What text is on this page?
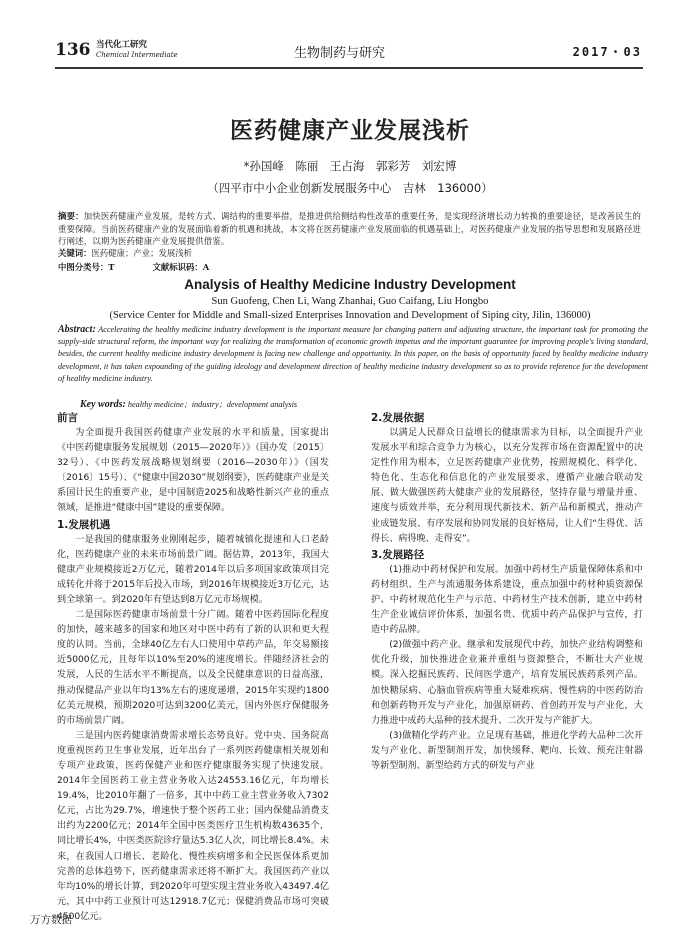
136 当代化工研究
Chemical Intermediate	生物制药与研究	2017・03
医药健康产业发展浅析
*孙国峰　陈丽　王占海　郭彩芳　刘宏博
（四平市中小企业创新发展服务中心　吉林　136000）
摘要：加快医药健康产业发展，是转方式、调结构的重要举措，是推进供给侧结构性改革的重要任务，是实现经济增长动力转换的重要途径，是改善民生的重要保障。当前医药健康产业的发展面临着新的机遇和挑战，本文将在医药健康产业发展面临的机遇基础上，对医药健康产业发展的指导思想和发展路径进行阐述，以期为医药健康产业发展提供借鉴。
关键词：医药健康；产业；发展浅析
中图分类号：T	文献标识码：A
Analysis of Healthy Medicine Industry Development
Sun Guofeng, Chen Li, Wang Zhanhai, Guo Caifang, Liu Hongbo
(Service Center for Middle and Small-sized Enterprises Innovation and Development of Siping city, Jilin, 136000)
Abstract: Accelerating the healthy medicine industry development is the important measure for changing pattern and adjusting structure, the important task for promoting the supply-side structural reform, the important way for realizing the transformation of economic growth impetus and the important guarantee for improving people's living standard, besides, the current healthy medicine industry development is facing new challenge and opportunity. In this paper, on the basis of opportunity faced by healthy medicine industry development, it has taken expounding of the guiding ideology and development direction of healthy medicine industry development so as to provide reference for the development of healthy medicine industry.
Key words: healthy medicine；industry；development analysis
前言
为全面提升我国医药健康产业发展的水平和质量，国家提出《中医药健康服务发展规划（2015—2020年）》（国办发〔2015〕32号）、《中医药发展战略规划纲要（2016—2030年）》（国发〔2016〕15号）、《“健康中国2030”规划纲要》，医药健康产业是关系国计民生的重要产业，是中国制造2025和战略性新兴产业的重点领域，是推进“健康中国”建设的重要保障。
1.发展机遇
一是我国的健康服务业刚刚起步，随着城镇化提速和人口老龄化，医药健康产业的未来市场前景广阔。据估算，2013年，我国大健康产业规模接近2万亿元，随着2014年以后多项国家政策项目完成转化并将于2015年后投入市场，到2016年规模接近3万亿元，达到全球第一。到2020年有望达到8万亿元市场规模。
二是国际医药健康市场前景十分广阔。随着中医药国际化程度的加快，越来越多的国家和地区对中医中药有了新的认识和更大程度的认同。当前，全球40亿左右人口使用中草药产品，年交易额接近5000亿元，且每年以10%至20%的速度增长。伴随经济社会的发展，人民的生活水平不断提高，以及全民健康意识的日益高涨，推动保健品产业以年均13%左右的速度递增，2015年实现约1800亿美元规模，预期2020可达到3200亿美元，国内外医疗保健服务的市场前景广阔。
三是国内医药健康消费需求增长态势良好。党中央、国务院高度重视医药卫生事业发展，近年出台了一系列医药健康相关规划和专项产业政策，医药保健产业和医疗健康服务实现了快速发展。2014年全国医药工业主营业务收入达24553.16亿元，年均增长19.4%，比2010年翻了一倍多，其中中药工业主营业务收入7302亿元，占比为29.7%，增速快于整个医药工业；国内保健品消费支出约为2200亿元；2014年全国中医类医疗卫生机构数43635个，同比增长4%，中医类医院诊疗量达5.3亿人次，同比增长8.4%。未来，在我国人口增长、老龄化、慢性疾病增多和全民医保体系更加完善的总体趋势下，医药健康需求还将不断扩大。我国医药产业以年均10%的增长计算，到2020年可望实现主营业务收入43497.4亿元，其中中药工业预计可达12918.7亿元；保健消费品市场可突破4500亿元。
2.发展依据
以满足人民群众日益增长的健康需求为目标，以全面提升产业发展水平和综合竞争力为核心，以充分发挥市场在资源配置中的决定性作用为根本，立足医药健康产业优势，按照规模化、科学化、特色化、生态化和信息化的产业发展要求，遵循产业融合联动发展、做大做强医药大健康产业的发展路径，坚持存量与增量并重、速度与质效并举，充分利用现代新技术、新产品和新模式，推动产业成链发展、有序发展和协同发展的良好格局，让人们“生得优、活得长、病得晚、走得安”。
3.发展路径
(1)推动中药材保护和发展。加强中药材生产质量保障体系和中药材组织、生产与流通服务体系建设，重点加强中药材种质资源保护、中药材规范化生产与示范、中药材生产技术创新，建立中药材生产企业诚信评价体系，加强名贵、优质中药产品保护与宣传，打造中药品牌。
(2)做强中药产业。继承和发展现代中药，加快产业结构调整和优化升级，加快推进企业兼并重组与资源整合，不断壮大产业规模。深入挖掘民族药、民间医学遗产，培育发展民族药系列产品。加快糖尿病、心脑血管疾病等重大疑难疾病、慢性病的中医药防治和创新药物开发与产业化，加强原研药、首创药开发与产业化，大力推进中成药大品种的技术提升、二次开发与产能扩大。
(3)做精化学药产业。立足现有基础，推进化学药大品种二次开发与产业化、新型制剂开发，加快缓释、靶向、长效、预充注射器等新型制剂、新型给药方式的研发与产业
万方数据
